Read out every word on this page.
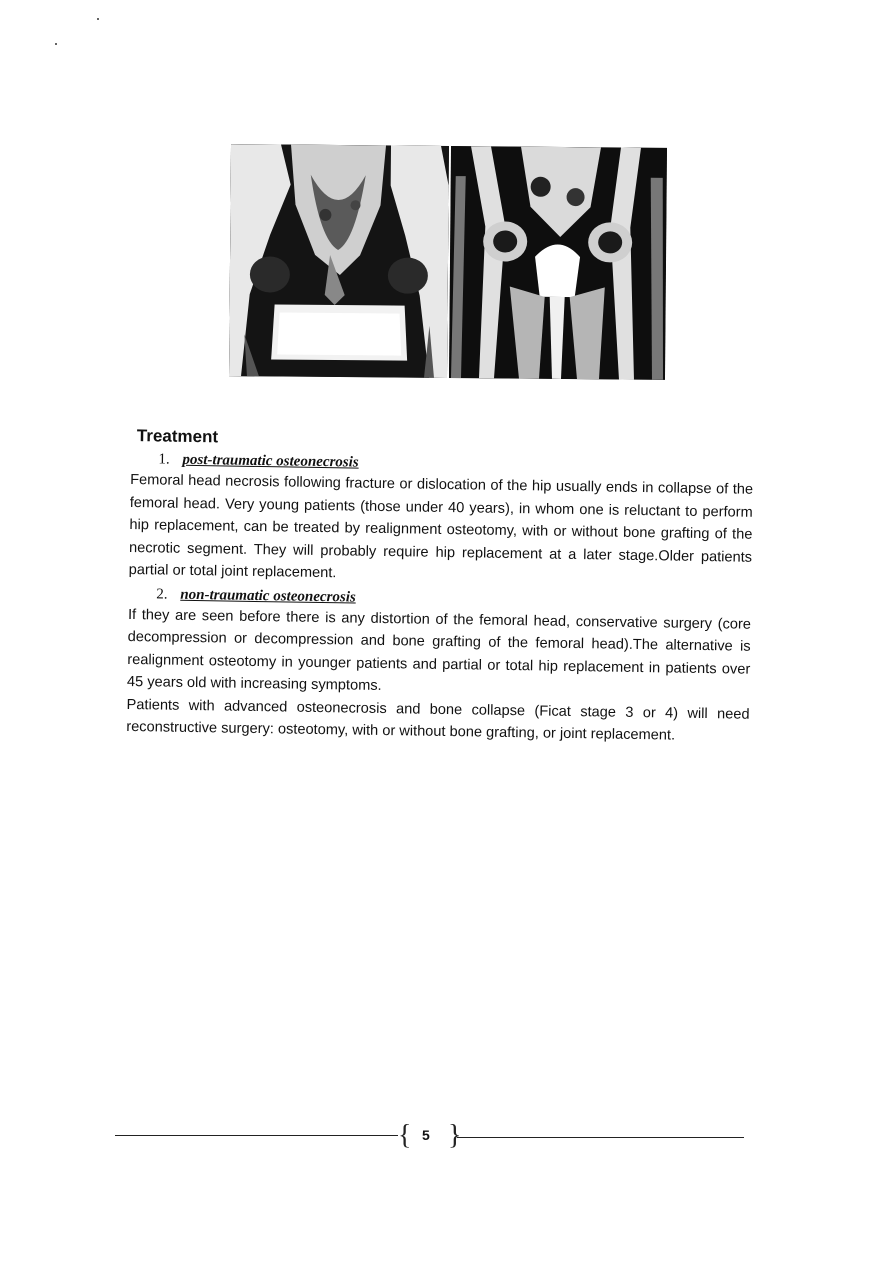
Treatment
1. post-traumatic osteonecrosis

Femoral head necrosis following fracture or dislocation of the hip usually ends in collapse of the femoral head. Very young patients (those under 40 years), in whom one is reluctant to perform hip replacement, can be treated by realignment osteotomy, with or without bone grafting of the necrotic segment. They will probably require hip replacement at a later stage.Older patients partial or total joint replacement.

2. non-traumatic osteonecrosis

If they are seen before there is any distortion of the femoral head, conservative surgery (core decompression or decompression and bone grafting of the femoral head).The alternative is realignment osteotomy in younger patients and partial or total hip replacement in patients over 45 years old with increasing symptoms.

Patients with advanced osteonecrosis and bone collapse (Ficat stage 3 or 4) will need reconstructive surgery: osteotomy, with or without bone grafting, or joint replacement.

{ 5 }
